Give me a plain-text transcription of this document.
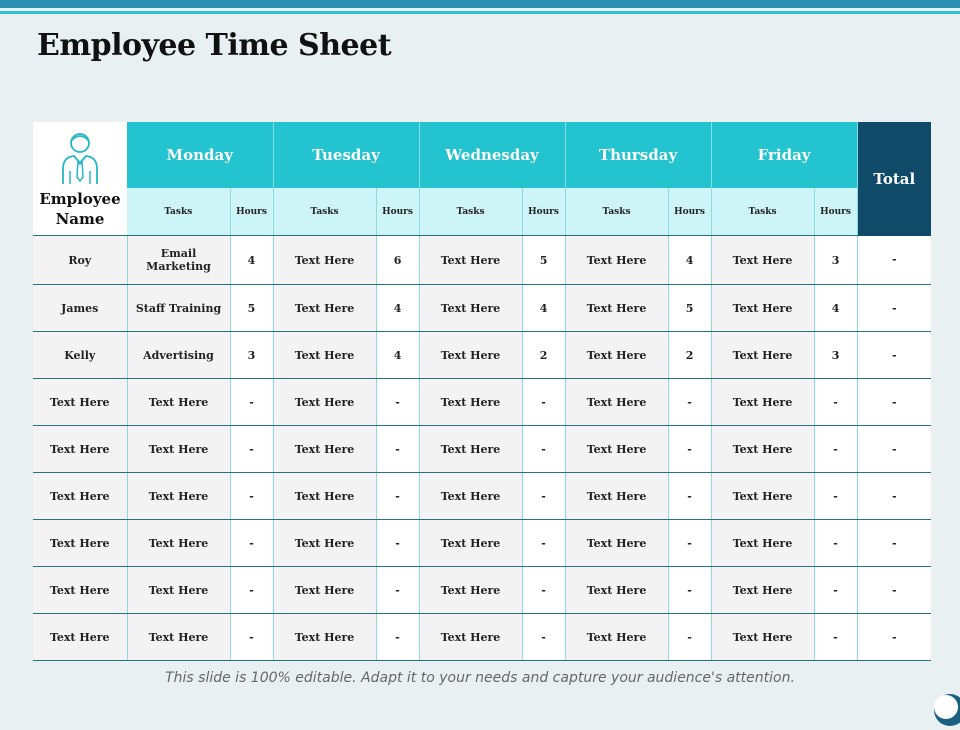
Employee Time Sheet
Employee Name	Monday		Tuesday		Wednesday		Thursday		Friday		Total
	Tasks	Hours	Tasks	Hours	Tasks	Hours	Tasks	Hours	Tasks	Hours	
Roy	Email Marketing	4	Text Here	6	Text Here	5	Text Here	4	Text Here	3	-
James	Staff Training	5	Text Here	4	Text Here	4	Text Here	5	Text Here	4	-
Kelly	Advertising	3	Text Here	4	Text Here	2	Text Here	2	Text Here	3	-
Text Here	Text Here	-	Text Here	-	Text Here	-	Text Here	-	Text Here	-	-
Text Here	Text Here	-	Text Here	-	Text Here	-	Text Here	-	Text Here	-	-
Text Here	Text Here	-	Text Here	-	Text Here	-	Text Here	-	Text Here	-	-
Text Here	Text Here	-	Text Here	-	Text Here	-	Text Here	-	Text Here	-	-
Text Here	Text Here	-	Text Here	-	Text Here	-	Text Here	-	Text Here	-	-
Text Here	Text Here	-	Text Here	-	Text Here	-	Text Here	-	Text Here	-	-
This slide is 100% editable. Adapt it to your needs and capture your audience's attention.
